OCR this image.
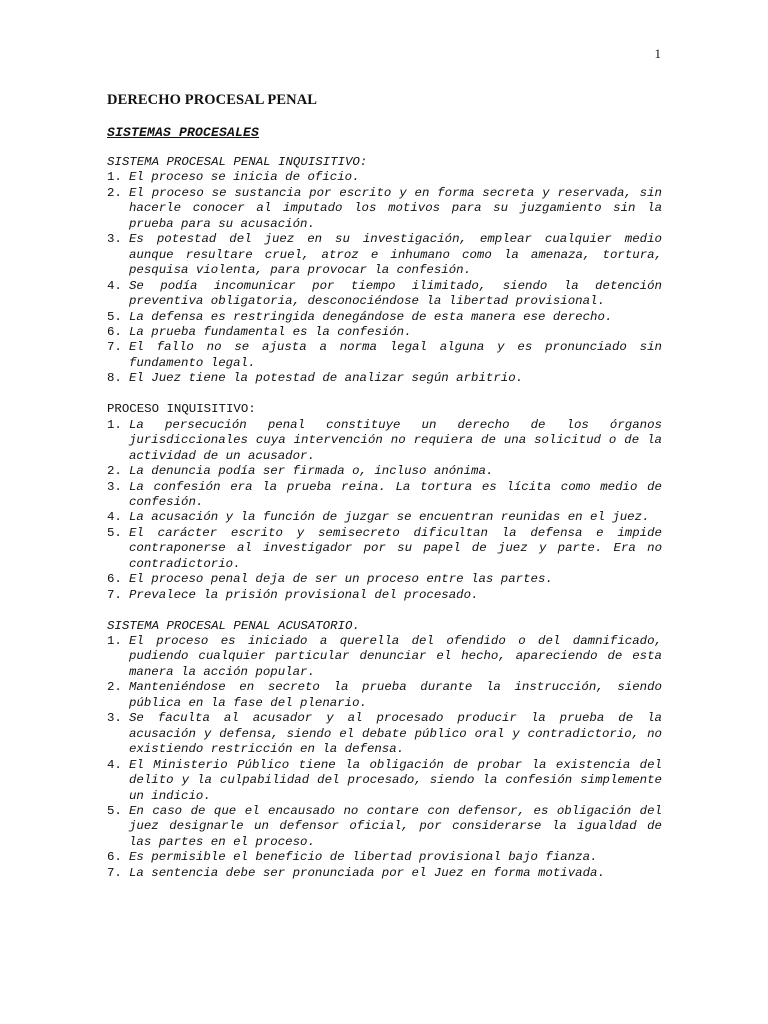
1
DERECHO PROCESAL PENAL
SISTEMAS PROCESALES
SISTEMA PROCESAL PENAL INQUISITIVO:
1. El proceso se inicia de oficio.
2. El proceso se sustancia por escrito y en forma secreta y reservada, sin hacerle conocer al imputado los motivos para su juzgamiento sin la prueba para su acusación.
3. Es potestad del juez en su investigación, emplear cualquier medio aunque resultare cruel, atroz e inhumano como la amenaza, tortura, pesquisa violenta, para provocar la confesión.
4. Se podía incomunicar por tiempo ilimitado, siendo la detención preventiva obligatoria, desconociéndose la libertad provisional.
5. La defensa es restringida denegándose de esta manera ese derecho.
6. La prueba fundamental es la confesión.
7. El fallo no se ajusta a norma legal alguna y es pronunciado sin fundamento legal.
8. El Juez tiene la potestad de analizar según arbitrio.
PROCESO INQUISITIVO:
1. La persecución penal constituye un derecho de los órganos jurisdiccionales cuya intervención no requiera de una solicitud o de la actividad de un acusador.
2. La denuncia podía ser firmada o, incluso anónima.
3. La confesión era la prueba reina. La tortura es lícita como medio de confesión.
4. La acusación y la función de juzgar se encuentran reunidas en el juez.
5. El carácter escrito y semisecreto dificultan la defensa e impide contraponerse al investigador por su papel de juez y parte. Era no contradictorio.
6. El proceso penal deja de ser un proceso entre las partes.
7. Prevalece la prisión provisional del procesado.
SISTEMA PROCESAL PENAL ACUSATORIO.
1. El proceso es iniciado a querella del ofendido o del damnificado, pudiendo cualquier particular denunciar el hecho, apareciendo de esta manera la acción popular.
2. Manteniéndose en secreto la prueba durante la instrucción, siendo pública en la fase del plenario.
3. Se faculta al acusador y al procesado producir la prueba de la acusación y defensa, siendo el debate público oral y contradictorio, no existiendo restricción en la defensa.
4. El Ministerio Público tiene la obligación de probar la existencia del delito y la culpabilidad del procesado, siendo la confesión simplemente un indicio.
5. En caso de que el encausado no contare con defensor, es obligación del juez designarle un defensor oficial, por considerarse la igualdad de las partes en el proceso.
6. Es permisible el beneficio de libertad provisional bajo fianza.
7. La sentencia debe ser pronunciada por el Juez en forma motivada.
